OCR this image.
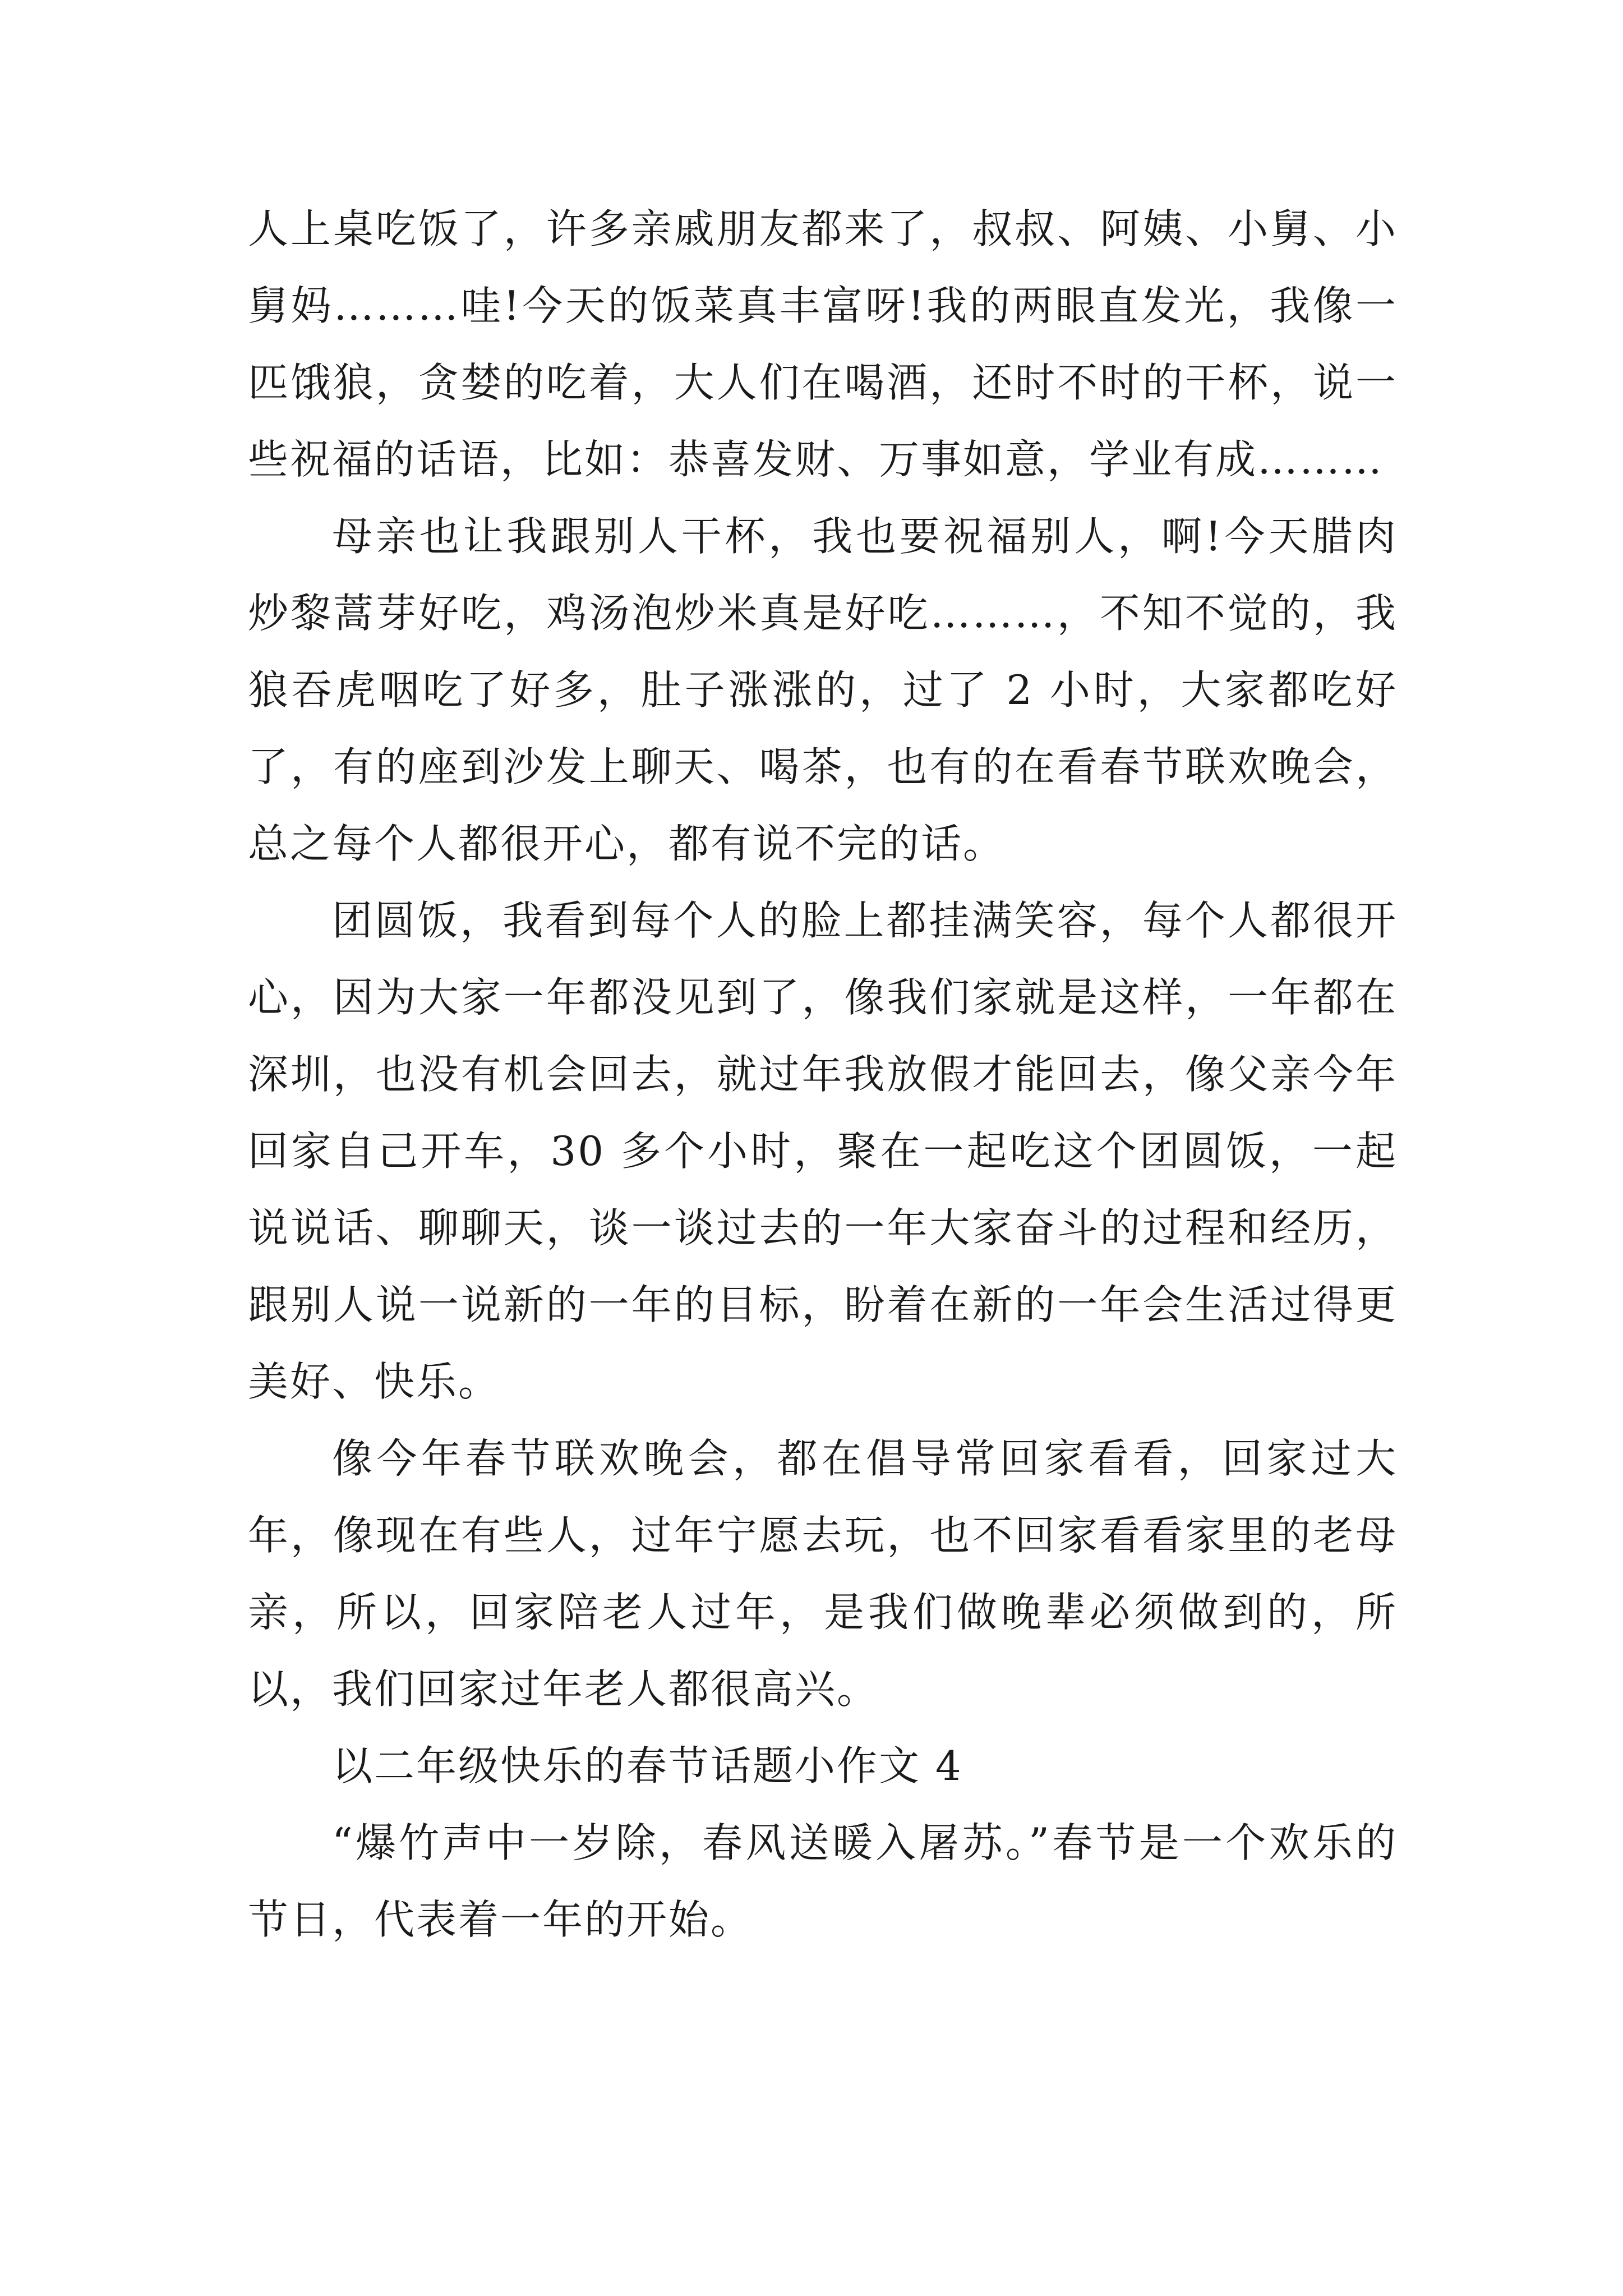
人上桌吃饭了，许多亲戚朋友都来了，叔叔、阿姨、小舅、小舅妈………哇!今天的饭菜真丰富呀!我的两眼直发光，我像一匹饿狼，贪婪的吃着，大人们在喝酒，还时不时的干杯，说一些祝福的话语，比如：恭喜发财、万事如意，学业有成………

母亲也让我跟别人干杯，我也要祝福别人，啊!今天腊肉炒黎蒿芽好吃，鸡汤泡炒米真是好吃………，不知不觉的，我狼吞虎咽吃了好多，肚子涨涨的，过了 2 小时，大家都吃好了，有的座到沙发上聊天、喝茶，也有的在看春节联欢晚会，总之每个人都很开心，都有说不完的话。

团圆饭，我看到每个人的脸上都挂满笑容，每个人都很开心，因为大家一年都没见到了，像我们家就是这样，一年都在深圳，也没有机会回去，就过年我放假才能回去，像父亲今年回家自己开车，30 多个小时，聚在一起吃这个团圆饭，一起说说话、聊聊天，谈一谈过去的一年大家奋斗的过程和经历，跟别人说一说新的一年的目标，盼着在新的一年会生活过得更美好、快乐。

像今年春节联欢晚会，都在倡导常回家看看，回家过大年，像现在有些人，过年宁愿去玩，也不回家看看家里的老母亲，所以，回家陪老人过年，是我们做晚辈必须做到的，所以，我们回家过年老人都很高兴。

以二年级快乐的春节话题小作文 4

“爆竹声中一岁除，春风送暖入屠苏。”春节是一个欢乐的节日，代表着一年的开始。
